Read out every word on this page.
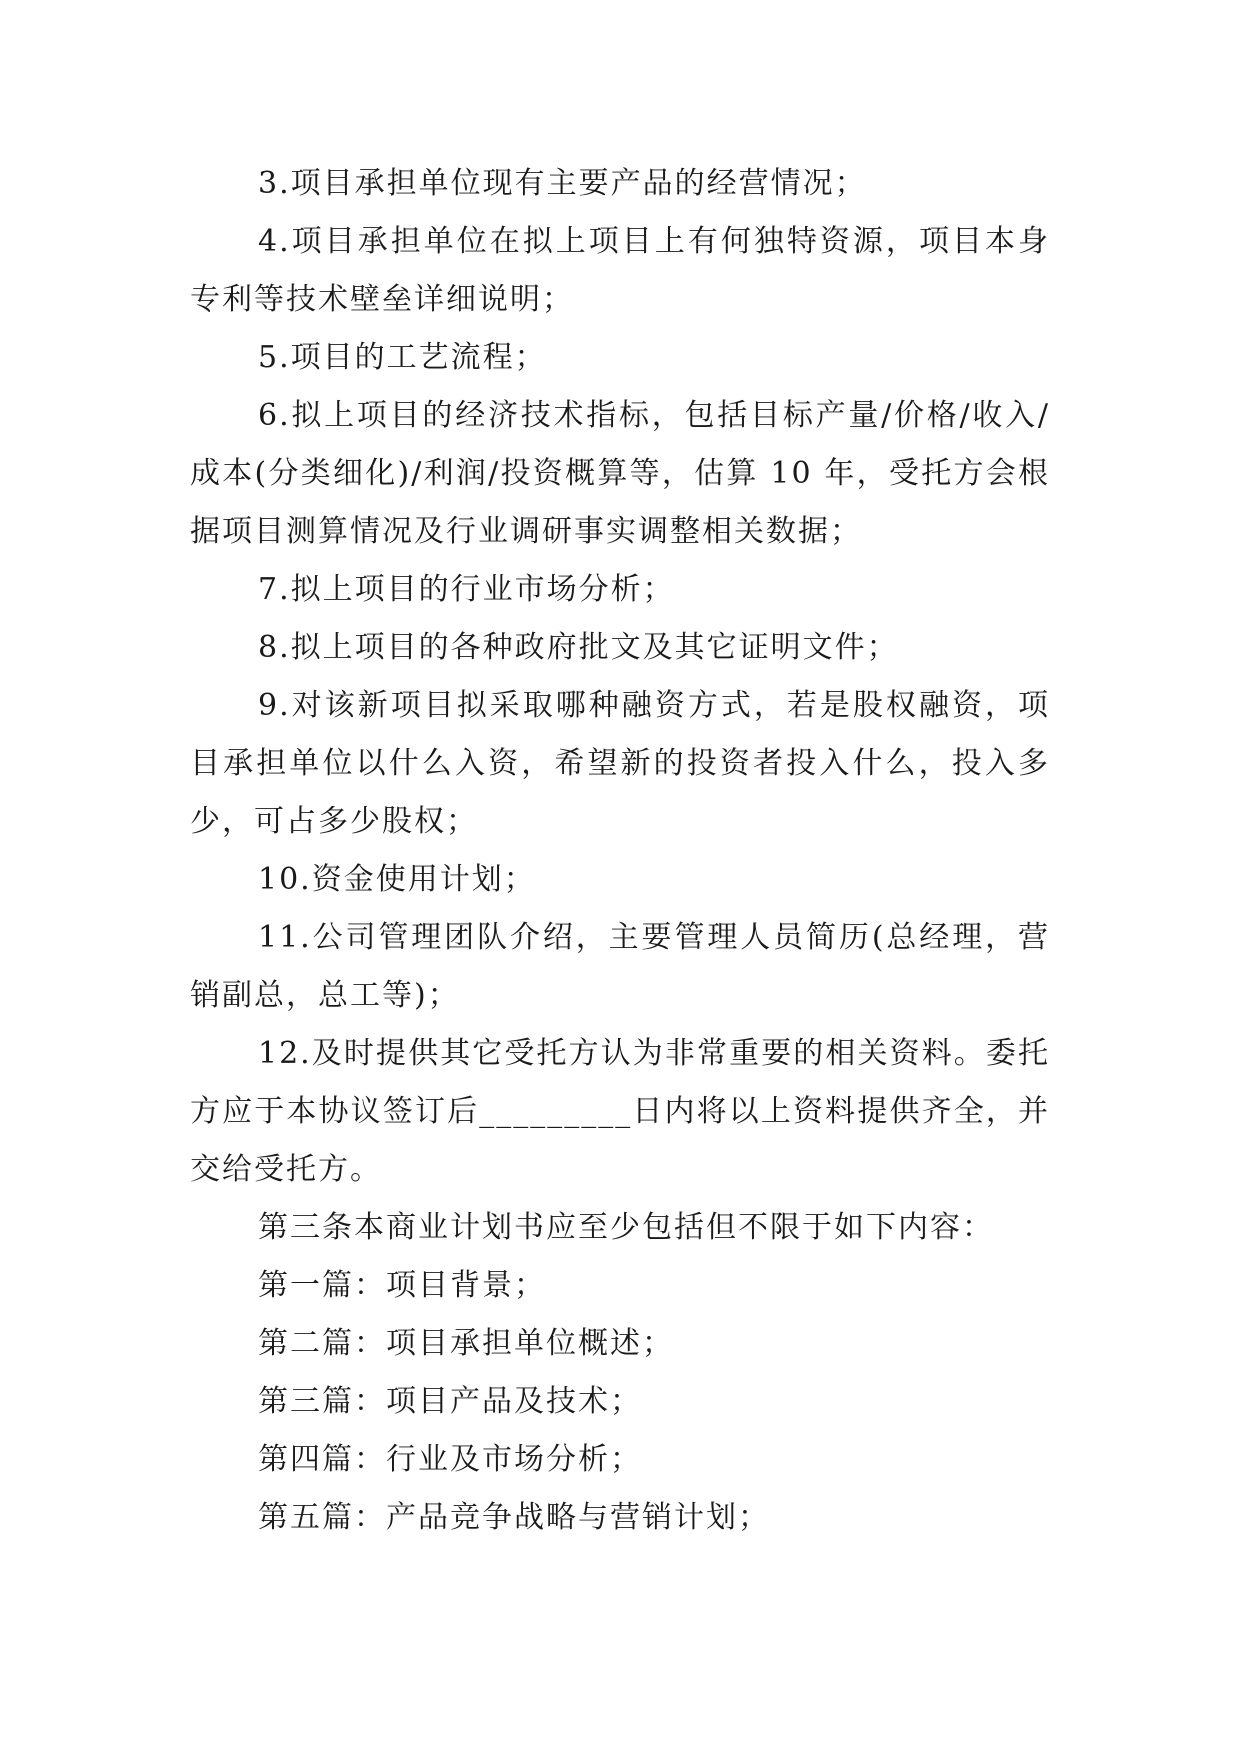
3.项目承担单位现有主要产品的经营情况；

4.项目承担单位在拟上项目上有何独特资源，项目本身专利等技术壁垒详细说明；

5.项目的工艺流程；

6.拟上项目的经济技术指标，包括目标产量/价格/收入/成本(分类细化)/利润/投资概算等，估算 10 年，受托方会根据项目测算情况及行业调研事实调整相关数据；

7.拟上项目的行业市场分析；

8.拟上项目的各种政府批文及其它证明文件；

9.对该新项目拟采取哪种融资方式，若是股权融资，项目承担单位以什么入资，希望新的投资者投入什么，投入多少，可占多少股权；

10.资金使用计划；

11.公司管理团队介绍，主要管理人员简历(总经理，营销副总，总工等)；

12.及时提供其它受托方认为非常重要的相关资料。委托方应于本协议签订后_________日内将以上资料提供齐全，并交给受托方。

第三条本商业计划书应至少包括但不限于如下内容：

第一篇：项目背景；

第二篇：项目承担单位概述；

第三篇：项目产品及技术；

第四篇：行业及市场分析；

第五篇：产品竞争战略与营销计划；
